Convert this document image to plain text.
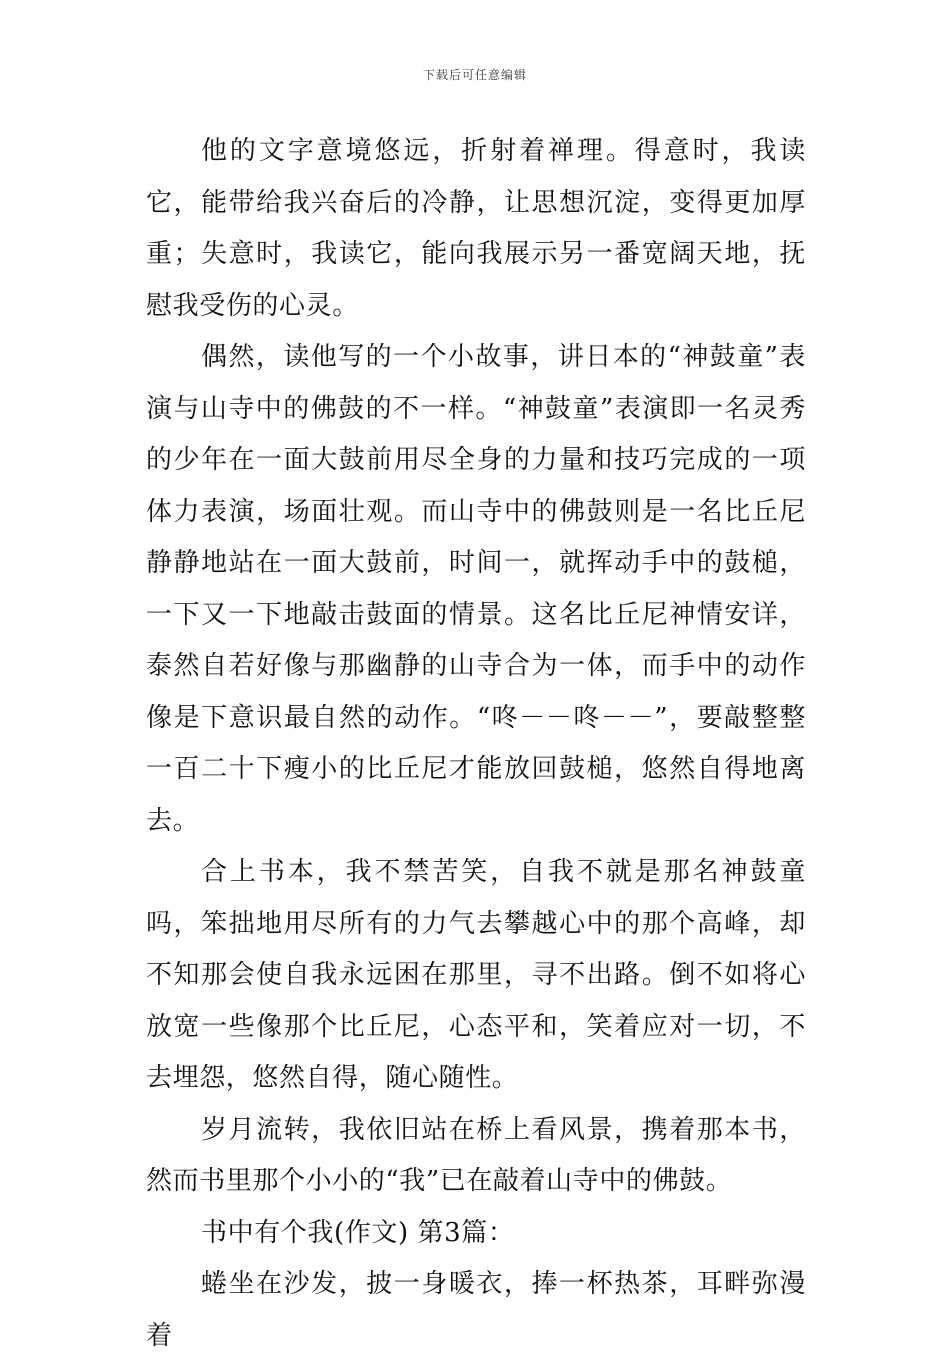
下载后可任意编辑

他的文字意境悠远，折射着禅理。得意时，我读它，能带给我兴奋后的冷静，让思想沉淀，变得更加厚重；失意时，我读它，能向我展示另一番宽阔天地，抚慰我受伤的心灵。

偶然，读他写的一个小故事，讲日本的“神鼓童”表演与山寺中的佛鼓的不一样。“神鼓童”表演即一名灵秀的少年在一面大鼓前用尽全身的力量和技巧完成的一项体力表演，场面壮观。而山寺中的佛鼓则是一名比丘尼静静地站在一面大鼓前，时间一，就挥动手中的鼓槌，一下又一下地敲击鼓面的情景。这名比丘尼神情安详，泰然自若好像与那幽静的山寺合为一体，而手中的动作像是下意识最自然的动作。“咚－－咚－－”，要敲整整一百二十下瘦小的比丘尼才能放回鼓槌，悠然自得地离去。

合上书本，我不禁苦笑，自我不就是那名神鼓童吗，笨拙地用尽所有的力气去攀越心中的那个高峰，却不知那会使自我永远困在那里，寻不出路。倒不如将心放宽一些像那个比丘尼，心态平和，笑着应对一切，不去埋怨，悠然自得，随心随性。

岁月流转，我依旧站在桥上看风景，携着那本书，然而书里那个小小的“我”已在敲着山寺中的佛鼓。

书中有个我(作文) 第3篇：

蜷坐在沙发，披一身暖衣，捧一杯热茶，耳畔弥漫着
